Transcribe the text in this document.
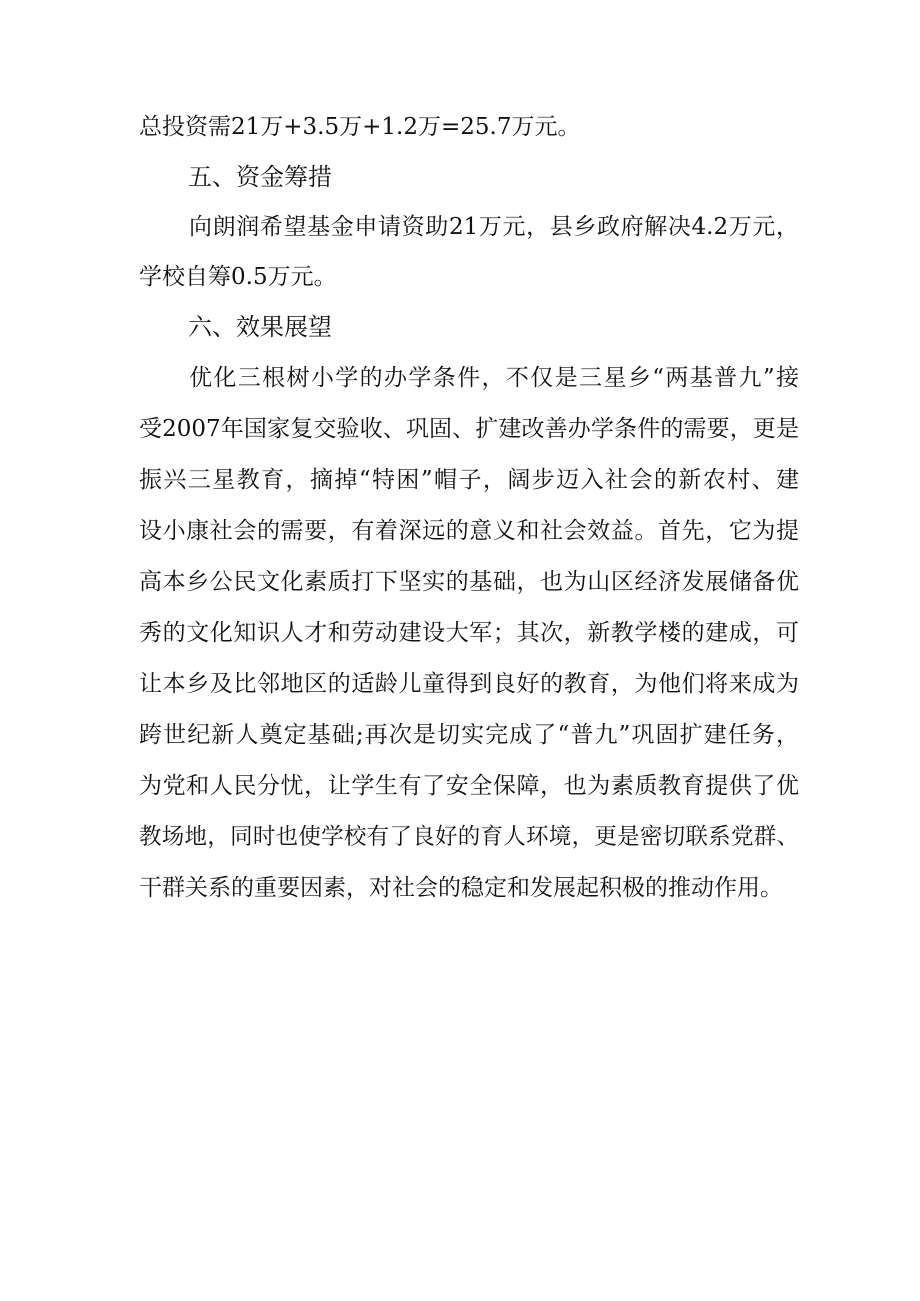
总投资需21万+3.5万+1.2万=25.7万元。
五、资金筹措
向朗润希望基金申请资助21万元，县乡政府解决4.2万元，
学校自筹0.5万元。
六、效果展望
优化三根树小学的办学条件，不仅是三星乡“两基普九”接
受2007年国家复交验收、巩固、扩建改善办学条件的需要，更是
振兴三星教育，摘掉“特困”帽子，阔步迈入社会的新农村、建
设小康社会的需要，有着深远的意义和社会效益。首先，它为提
高本乡公民文化素质打下坚实的基础，也为山区经济发展储备优
秀的文化知识人才和劳动建设大军；其次，新教学楼的建成，可
让本乡及比邻地区的适龄儿童得到良好的教育，为他们将来成为
跨世纪新人奠定基础;再次是切实完成了“普九”巩固扩建任务，
为党和人民分忧，让学生有了安全保障，也为素质教育提供了优
教场地，同时也使学校有了良好的育人环境，更是密切联系党群、
干群关系的重要因素，对社会的稳定和发展起积极的推动作用。
